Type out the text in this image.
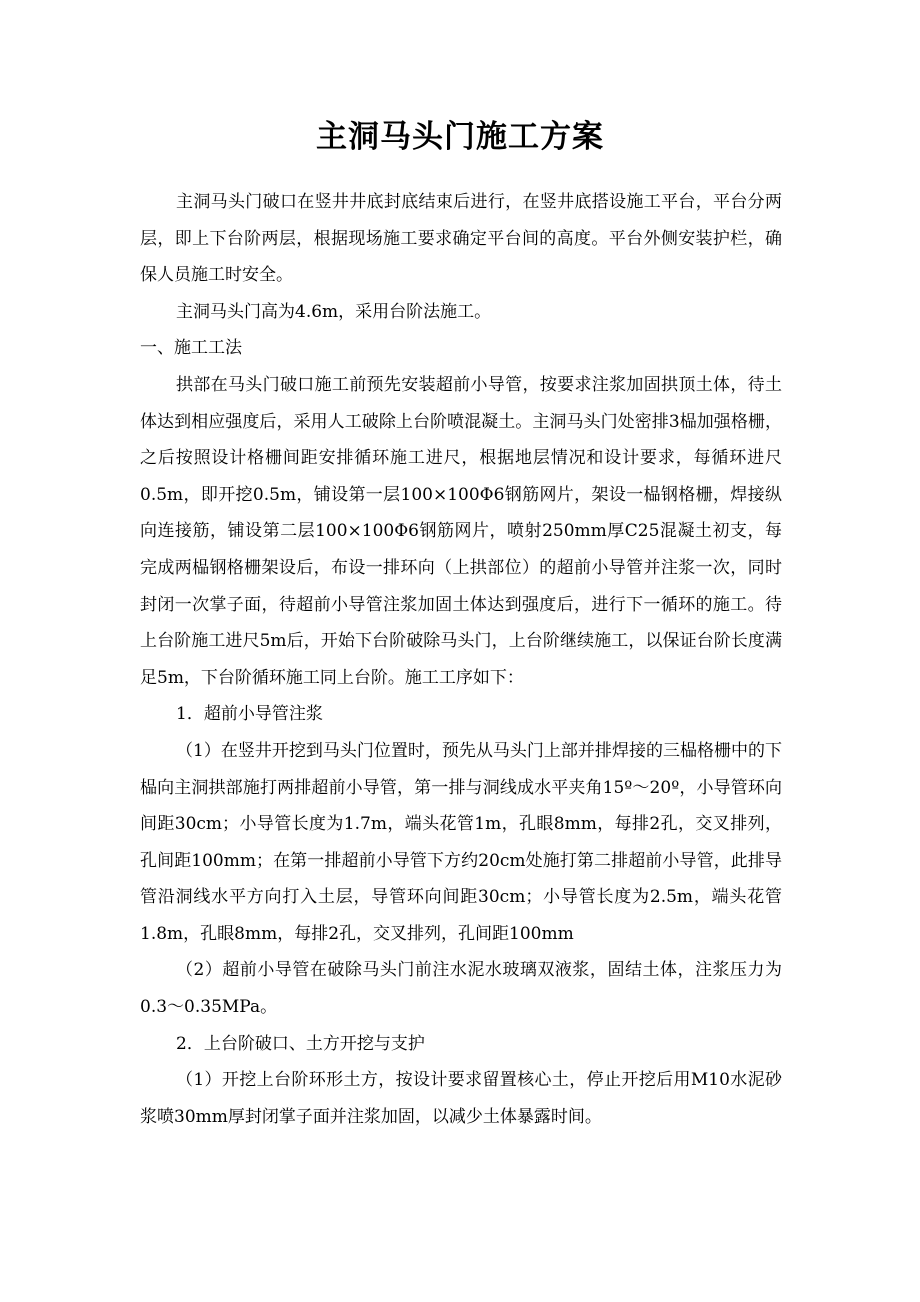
主洞马头门施工方案

主洞马头门破口在竖井井底封底结束后进行，在竖井底搭设施工平台，平台分两层，即上下台阶两层，根据现场施工要求确定平台间的高度。平台外侧安装护栏，确保人员施工时安全。

主洞马头门高为4.6m，采用台阶法施工。

一、施工工法

拱部在马头门破口施工前预先安装超前小导管，按要求注浆加固拱顶土体，待土体达到相应强度后，采用人工破除上台阶喷混凝土。主洞马头门处密排3榀加强格栅，之后按照设计格栅间距安排循环施工进尺，根据地层情况和设计要求，每循环进尺0.5m，即开挖0.5m，铺设第一层100×100Φ6钢筋网片，架设一榀钢格栅，焊接纵向连接筋，铺设第二层100×100Φ6钢筋网片，喷射250mm厚C25混凝土初支，每完成两榀钢格栅架设后，布设一排环向（上拱部位）的超前小导管并注浆一次，同时封闭一次掌子面，待超前小导管注浆加固土体达到强度后，进行下一循环的施工。待上台阶施工进尺5m后，开始下台阶破除马头门，上台阶继续施工，以保证台阶长度满足5m，下台阶循环施工同上台阶。施工工序如下：

1．超前小导管注浆

（1）在竖井开挖到马头门位置时，预先从马头门上部并排焊接的三榀格栅中的下榀向主洞拱部施打两排超前小导管，第一排与洞线成水平夹角15º～20º，小导管环向间距30cm；小导管长度为1.7m，端头花管1m，孔眼8mm，每排2孔，交叉排列，孔间距100mm；在第一排超前小导管下方约20cm处施打第二排超前小导管，此排导管沿洞线水平方向打入土层，导管环向间距30cm；小导管长度为2.5m，端头花管1.8m，孔眼8mm，每排2孔，交叉排列，孔间距100mm

（2）超前小导管在破除马头门前注水泥水玻璃双液浆，固结土体，注浆压力为0.3～0.35MPa。

2．上台阶破口、土方开挖与支护

（1）开挖上台阶环形土方，按设计要求留置核心土，停止开挖后用M10水泥砂浆喷30mm厚封闭掌子面并注浆加固，以减少土体暴露时间。
